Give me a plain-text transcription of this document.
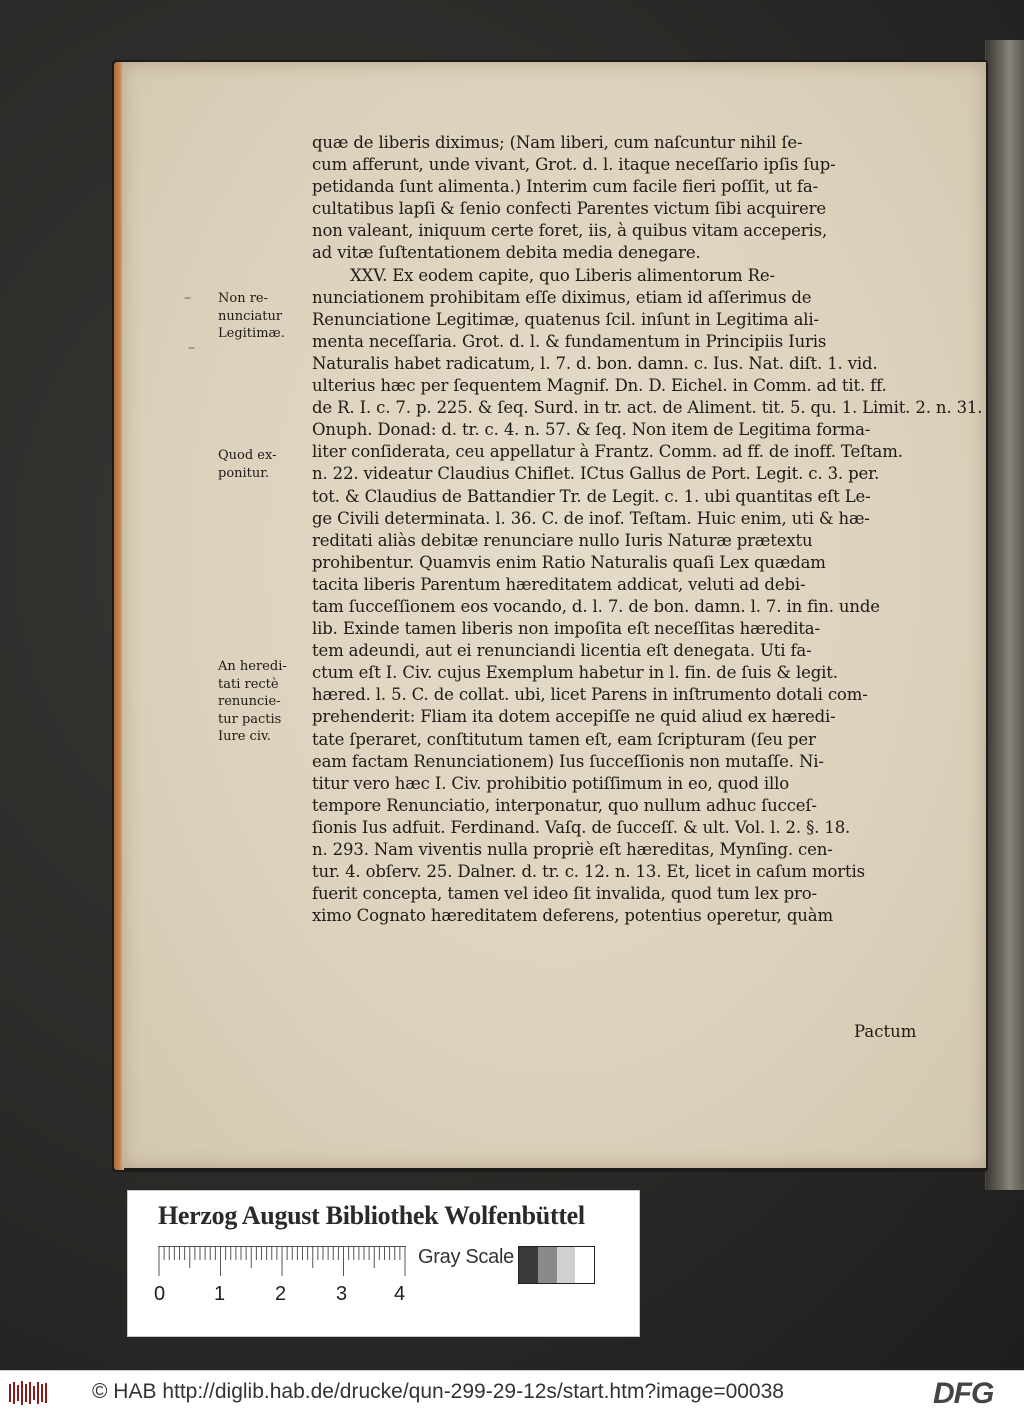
quæ de liberis diximus; (Nam liberi, cum naſcuntur nihil ſe-
cum afferunt, unde vivant, Grot. d. l. itaque neceſſario ipſis ſup-
petidanda ſunt alimenta.) Interim cum facile fieri poſſit, ut fa-
cultatibus lapſi & ſenio confecti Parentes victum ſibi acquirere
non valeant, iniquum certe foret, iis, à quibus vitam acceperis,
ad vitæ ſuſtentationem debita media denegare.
XXV. Ex eodem capite, quo Liberis alimentorum Re-
nunciationem prohibitam eſſe diximus, etiam id aſſerimus de
Renunciatione Legitimæ, quatenus ſcil. inſunt in Legitima ali-
menta neceſſaria. Grot. d. l. & fundamentum in Principiis Iuris
Naturalis habet radicatum, l. 7. d. bon. damn. c. Ius. Nat. diſt. 1. vid.
ulterius hæc per ſequentem Magnif. Dn. D. Eichel. in Comm. ad tit. ff.
de R. I. c. 7. p. 225. & ſeq. Surd. in tr. act. de Aliment. tit. 5. qu. 1. Limit. 2. n. 31.
Onuph. Donad: d. tr. c. 4. n. 57. & ſeq. Non item de Legitima forma-
liter conſiderata, ceu appellatur à Frantz. Comm. ad ff. de inoff. Teſtam.
n. 22. videatur Claudius Chiflet. ICtus Gallus de Port. Legit. c. 3. per.
tot. & Claudius de Battandier Tr. de Legit. c. 1. ubi quantitas eſt Le-
ge Civili determinata. l. 36. C. de inof. Teſtam. Huic enim, uti & hæ-
reditati aliàs debitæ renunciare nullo Iuris Naturæ prætextu
prohibentur. Quamvis enim Ratio Naturalis quaſi Lex quædam
tacita liberis Parentum hæreditatem addicat, veluti ad debi-
tam ſucceſſionem eos vocando, d. l. 7. de bon. damn. l. 7. in fin. unde
lib. Exinde tamen liberis non impoſita eſt neceſſitas hæredita-
tem adeundi, aut ei renunciandi licentia eſt denegata. Uti fa-
ctum eſt I. Civ. cujus Exemplum habetur in l. fin. de ſuis & legit.
hæred. l. 5. C. de collat. ubi, licet Parens in inſtrumento dotali com-
prehenderit: Fliam ita dotem accepiſſe ne quid aliud ex hæredi-
tate ſperaret, conſtitutum tamen eſt, eam ſcripturam (ſeu per
eam factam Renunciationem) Ius ſucceſſionis non mutaſſe. Ni-
titur vero hæc I. Civ. prohibitio potiſſimum in eo, quod illo
tempore Renunciatio, interponatur, quo nullum adhuc ſucceſ-
ſionis Ius adfuit. Ferdinand. Vaſq. de ſucceſſ. & ult. Vol. l. 2. §. 18.
n. 293. Nam viventis nulla propriè eſt hæreditas, Mynſing. cen-
tur. 4. obſerv. 25. Dalner. d. tr. c. 12. n. 13. Et, licet in caſum mortis
fuerit concepta, tamen vel ideo ſit invalida, quod tum lex pro-
ximo Cognato hæreditatem deferens, potentius operetur, quàm
Pactum
Non re-
nunciatur
Legitimæ.
Quod ex-
ponitur.
An heredi-
tati rectè
renuncie-
tur pactis
Iure civ.
–
–
Herzog August Bibliothek Wolfenbüttel
0 1 2 3 4
Gray Scale
© HAB http://diglib.hab.de/drucke/qun-299-29-12s/start.htm?image=00038	DFG
